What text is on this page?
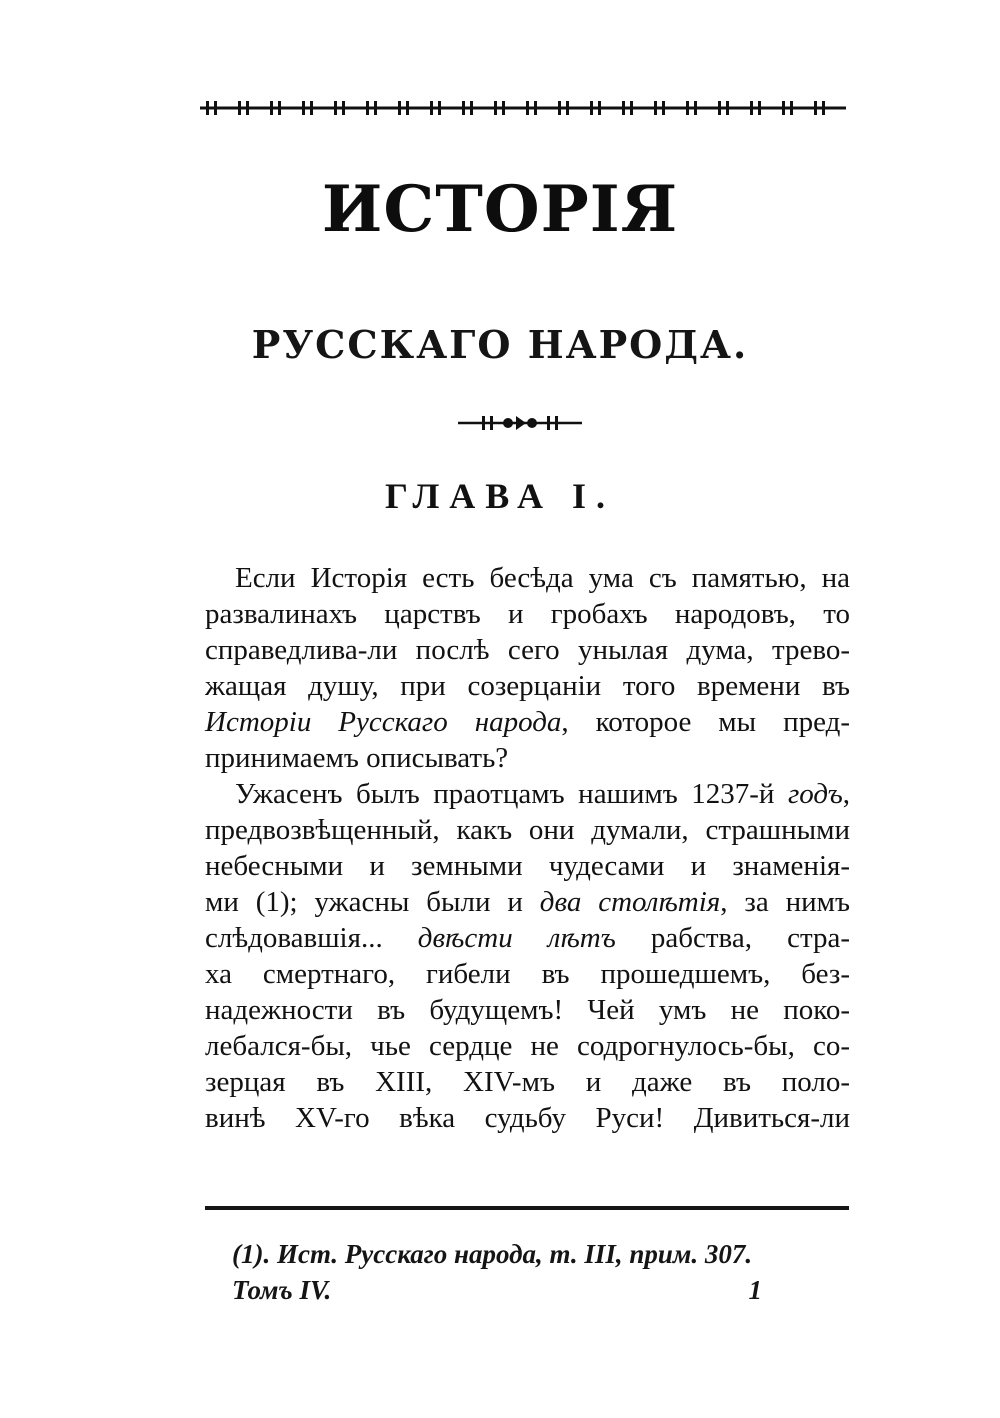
ИСТОРІЯ
РУССКАГО НАРОДА.
ГЛАВА I.
Если Исторія есть бесѣда ума съ памятью, на
развалинахъ царствъ и гробахъ народовъ, то
справедлива-ли послѣ сего унылая дума, трево-
жащая душу, при созерцаніи того времени въ
Исторіи Русскаго народа, которое мы пред-
принимаемъ описывать?
Ужасенъ былъ праотцамъ нашимъ 1237-й годъ,
предвозвѣщенный, какъ они думали, страшными
небесными и земными чудесами и знаменія-
ми (1); ужасны были и два столѣтія, за нимъ
слѣдовавшія... двѣсти лѣтъ рабства, стра-
ха смертнаго, гибели въ прошедшемъ, без-
надежности въ будущемъ! Чей умъ не поко-
лебался-бы, чье сердце не содрогнулось-бы, со-
зерцая въ XIII, XIV-мъ и даже въ поло-
винѣ XV-го вѣка судьбу Руси! Дивиться-ли
(1). Ист. Русскаго народа, т. III, прим. 307.
Томъ IV.	1
